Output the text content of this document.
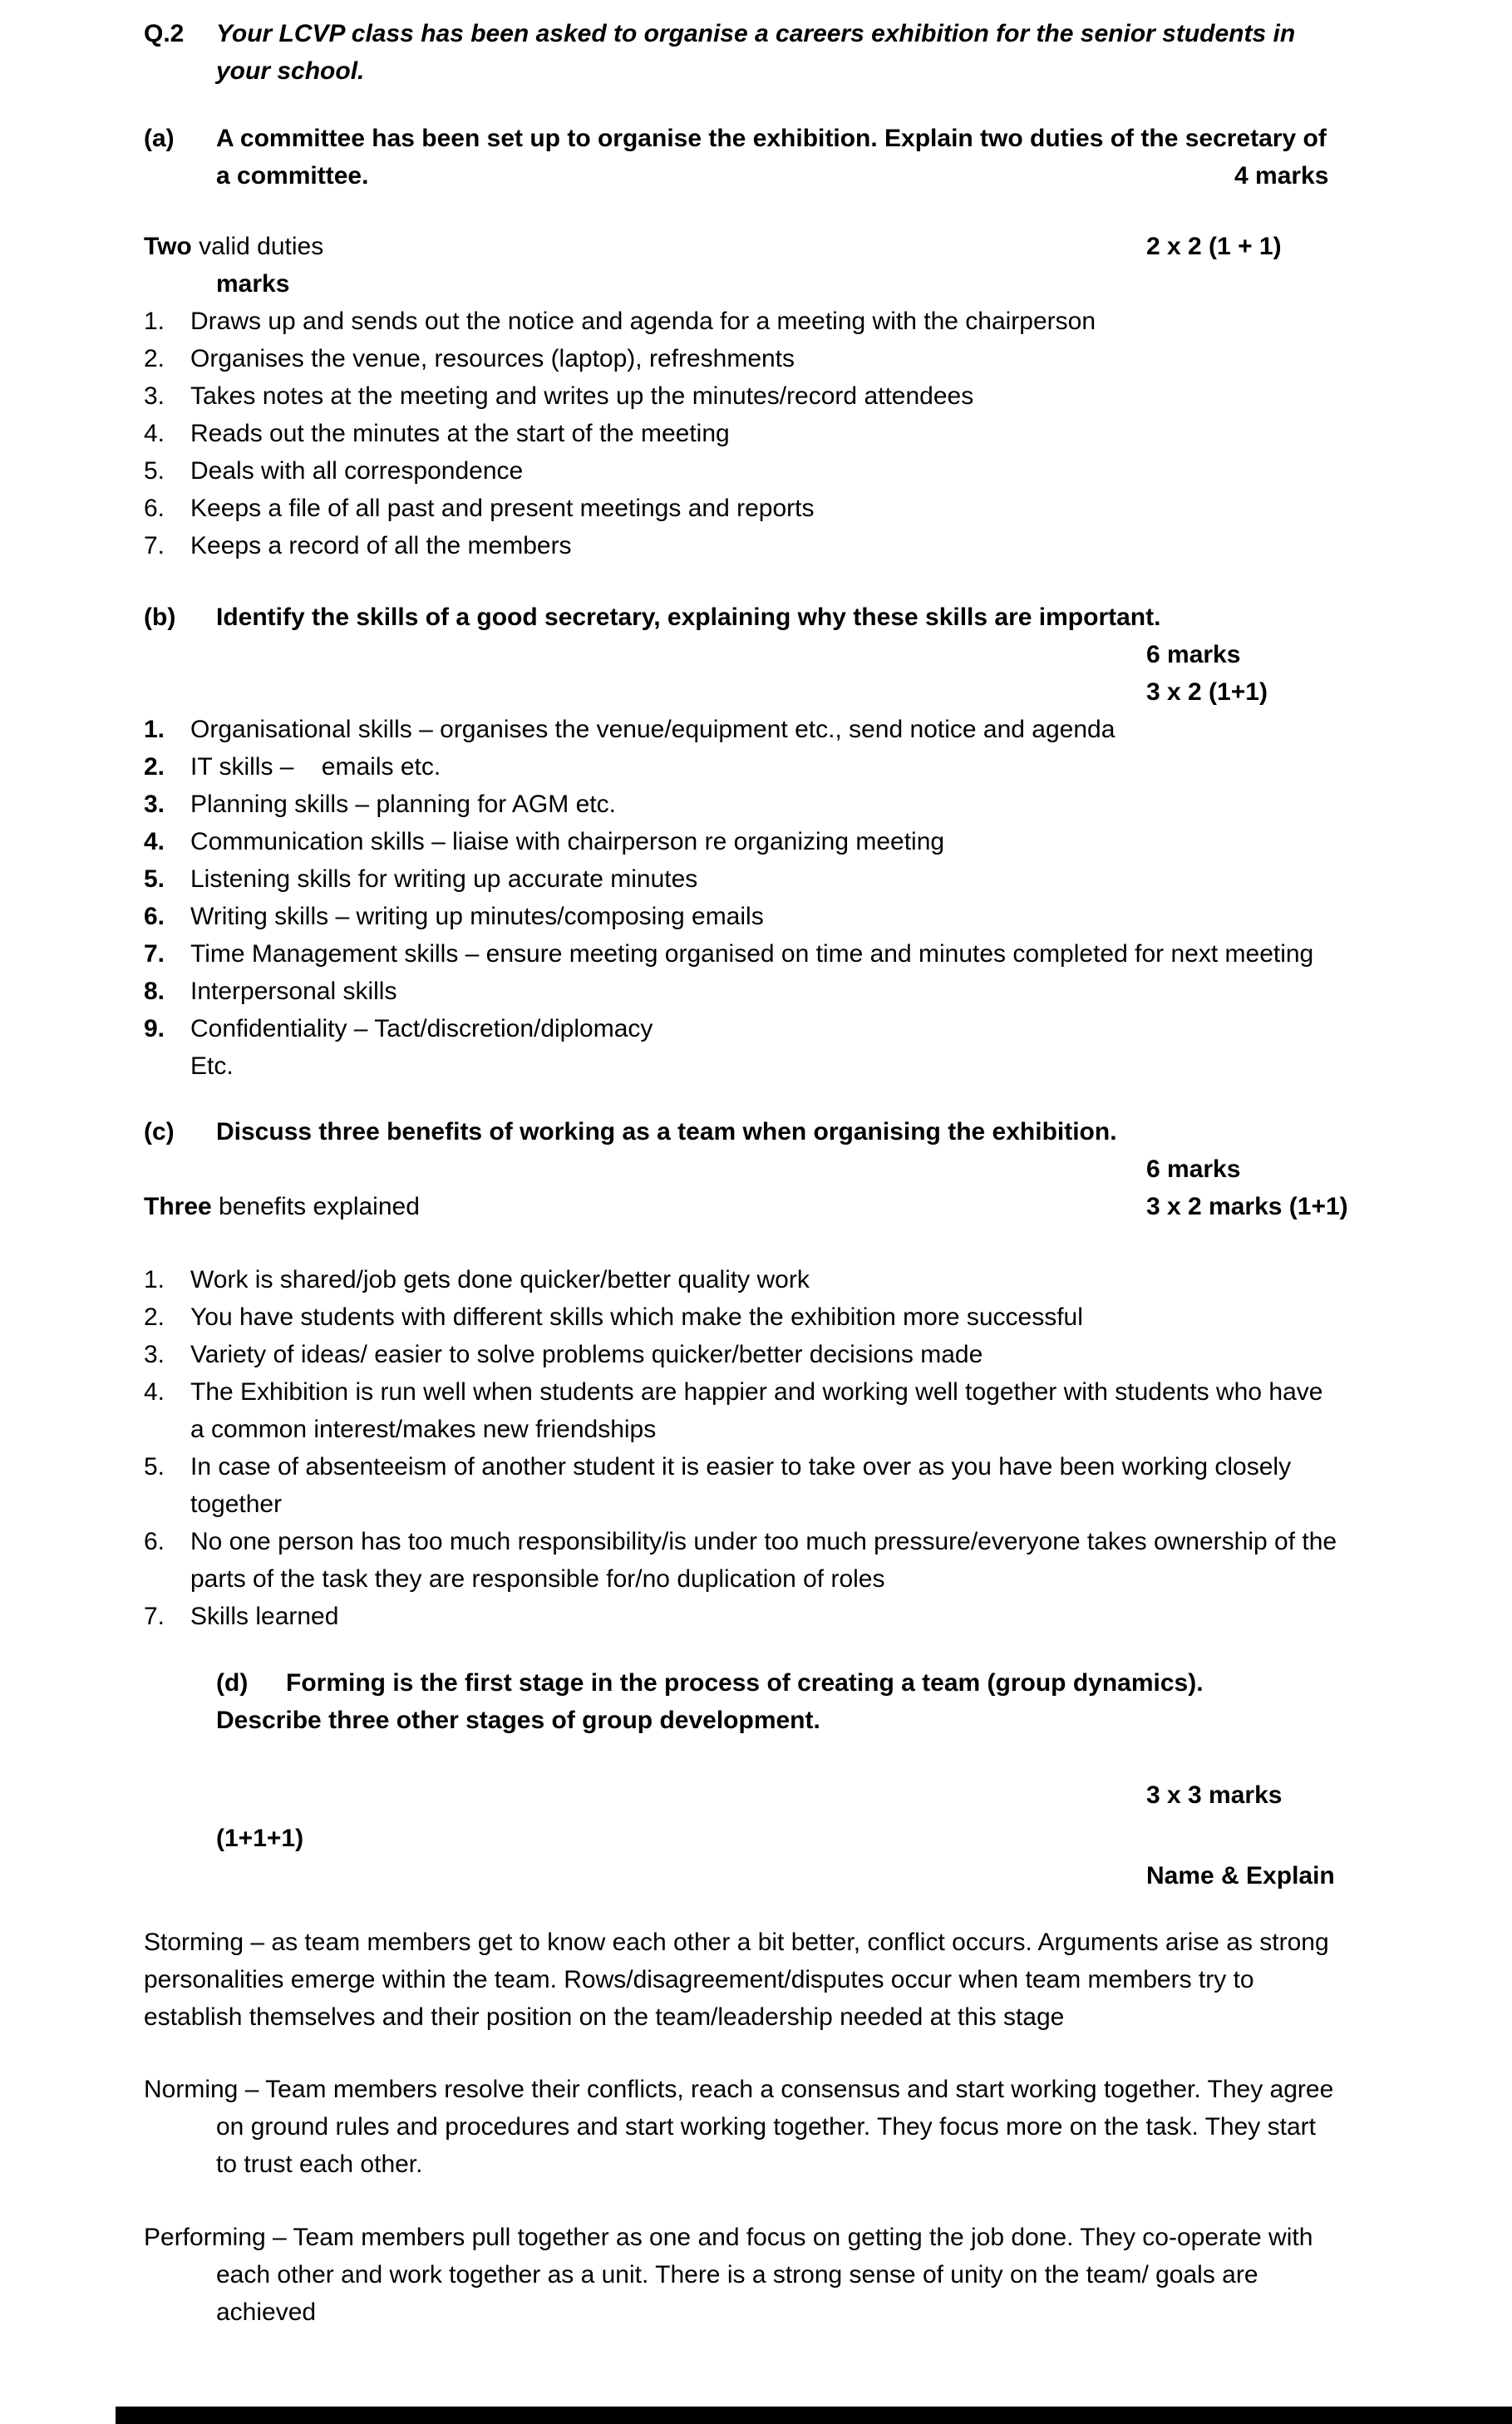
Q.2 Your LCVP class has been asked to organise a careers exhibition for the senior students in your school.
(a) A committee has been set up to organise the exhibition. Explain two duties of the secretary of a committee.	4 marks
Two valid duties	2 x 2 (1 + 1)
marks
1.	Draws up and sends out the notice and agenda for a meeting with the chairperson
2.	Organises the venue, resources (laptop), refreshments
3.	Takes notes at the meeting and writes up the minutes/record attendees
4.	Reads out the minutes at the start of the meeting
5.	Deals with all correspondence
6.	Keeps a file of all past and present meetings and reports
7.	Keeps a record of all the members
(b) Identify the skills of a good secretary, explaining why these skills are important.
6 marks
3 x 2 (1+1)
1.	Organisational skills – organises the venue/equipment etc., send notice and agenda
2.	IT skills –    emails etc.
3.	Planning skills – planning for AGM etc.
4.	Communication skills – liaise with chairperson re organizing meeting
5.	Listening skills for writing up accurate minutes
6.	Writing skills – writing up minutes/composing emails
7.	Time Management skills – ensure meeting organised on time and minutes completed for next meeting
8.	Interpersonal skills
9.	Confidentiality – Tact/discretion/diplomacy
Etc.
(c) Discuss three benefits of working as a team when organising the exhibition.
6 marks
Three benefits explained	3 x 2 marks (1+1)
1.	Work is shared/job gets done quicker/better quality work
2.	You have students with different skills which make the exhibition more successful
3.	Variety of ideas/ easier to solve problems quicker/better decisions made
4.	The Exhibition is run well when students are happier and working well together with students who have a common interest/makes new friendships
5.	In case of absenteeism of another student it is easier to take over as you have been working closely together
6.	No one person has too much responsibility/is under too much pressure/everyone takes ownership of the parts of the task they are responsible for/no duplication of roles
7.	Skills learned
(d) Forming is the first stage in the process of creating a team (group dynamics).
Describe three other stages of group development.
3 x 3 marks
(1+1+1)
Name & Explain
Storming – as team members get to know each other a bit better, conflict occurs. Arguments arise as strong personalities emerge within the team. Rows/disagreement/disputes occur when team members try to establish themselves and their position on the team/leadership needed at this stage
Norming – Team members resolve their conflicts, reach a consensus and start working together. They agree on ground rules and procedures and start working together. They focus more on the task. They start to trust each other.
Performing – Team members pull together as one and focus on getting the job done. They co-operate with each other and work together as a unit. There is a strong sense of unity on the team/ goals are achieved
